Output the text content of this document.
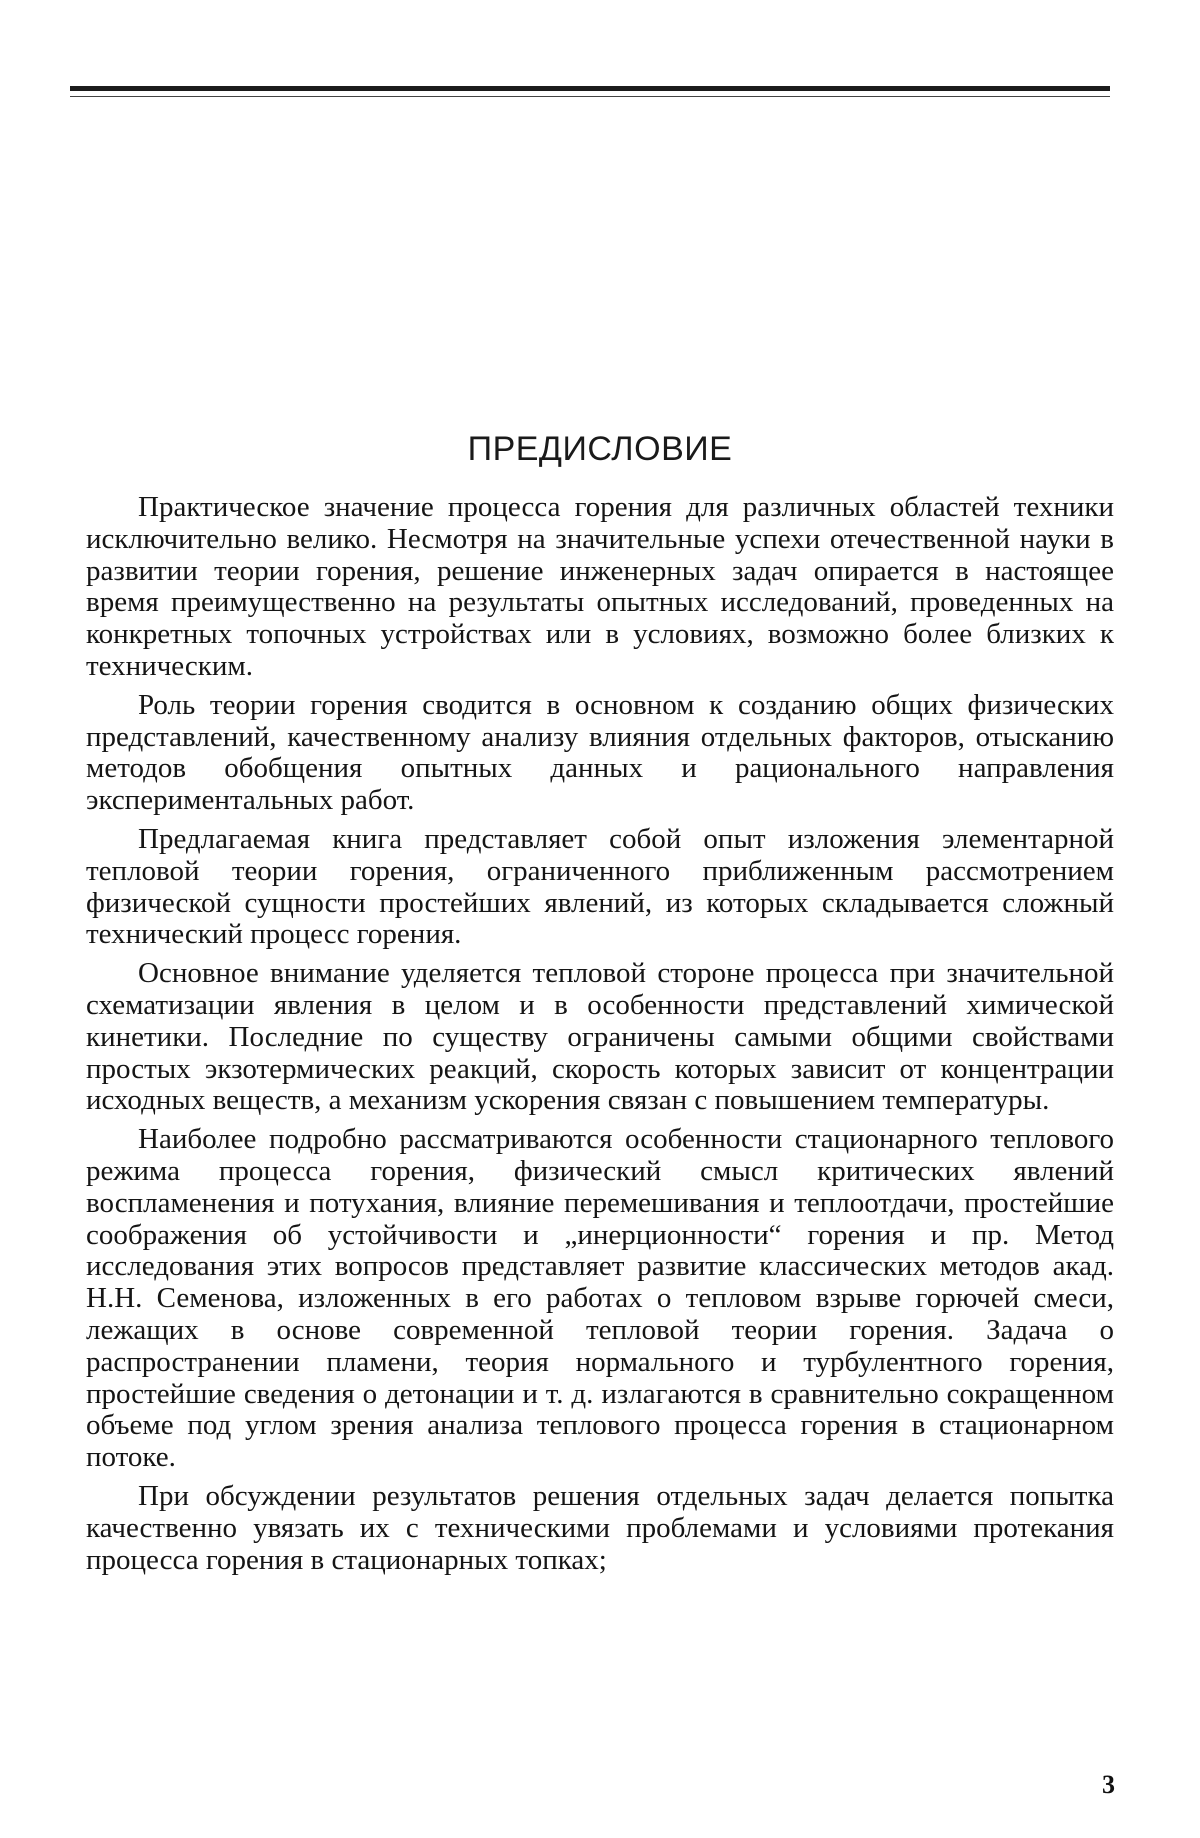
ПРЕДИСЛОВИЕ

Практическое значение процесса горения для различных областей техники исключительно велико. Несмотря на значительные успехи отечественной науки в развитии теории горения, решение инженерных задач опирается в настоящее время преимущественно на результаты опытных исследований, проведенных на конкретных топочных устройствах или в условиях, возможно более близких к техническим.

Роль теории горения сводится в основном к созданию общих физических представлений, качественному анализу влияния отдельных факторов, отысканию методов обобщения опытных данных и рационального направления экспериментальных работ.

Предлагаемая книга представляет собой опыт изложения элементарной тепловой теории горения, ограниченного приближенным рассмотрением физической сущности простейших явлений, из которых складывается сложный технический процесс горения.

Основное внимание уделяется тепловой стороне процесса при значительной схематизации явления в целом и в особенности представлений химической кинетики. Последние по существу ограничены самыми общими свойствами простых экзотермических реакций, скорость которых зависит от концентрации исходных веществ, а механизм ускорения связан с повышением температуры.

Наиболее подробно рассматриваются особенности стационарного теплового режима процесса горения, физический смысл критических явлений воспламенения и потухания, влияние перемешивания и теплоотдачи, простейшие соображения об устойчивости и „инерционности“ горения и пр. Метод исследования этих вопросов представляет развитие классических методов акад. Н.Н. Семенова, изложенных в его работах о тепловом взрыве горючей смеси, лежащих в основе современной тепловой теории горения. Задача о распространении пламени, теория нормального и турбулентного горения, простейшие сведения о детонации и т. д. излагаются в сравнительно сокращенном объеме под углом зрения анализа теплового процесса горения в стационарном потоке.

При обсуждении результатов решения отдельных задач делается попытка качественно увязать их с техническими проблемами и условиями протекания процесса горения в стационарных топках;

3
